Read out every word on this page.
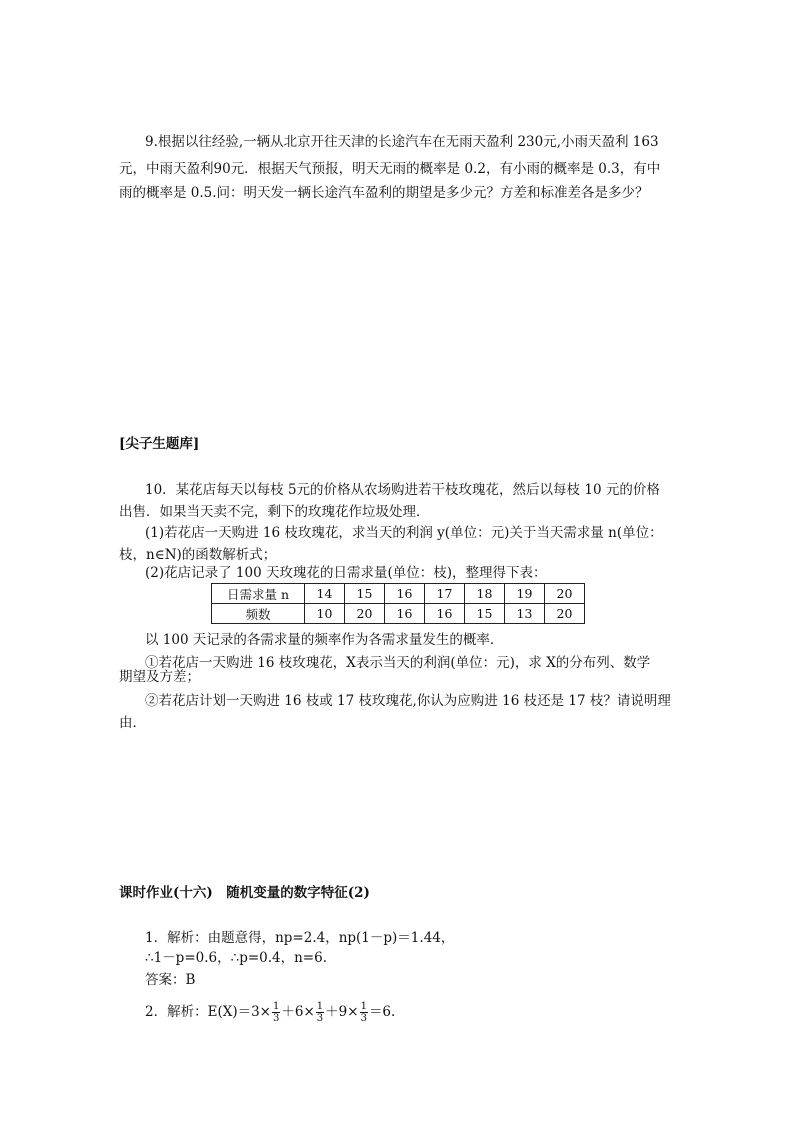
9.根据以往经验,一辆从北京开往天津的长途汽车在无雨天盈利 230元,小雨天盈利 163
元，中雨天盈利90元．根据天气预报，明天无雨的概率是 0.2，有小雨的概率是 0.3，有中
雨的概率是 0.5.问：明天发一辆长途汽车盈利的期望是多少元？方差和标准差各是多少？
[尖子生题库]
10．某花店每天以每枝 5元的价格从农场购进若干枝玫瑰花，然后以每枝 10 元的价格
出售．如果当天卖不完，剩下的玫瑰花作垃圾处理．
(1)若花店一天购进 16 枝玫瑰花，求当天的利润 y(单位：元)关于当天需求量 n(单位：
枝，n∈N)的函数解析式；
(2)花店记录了 100 天玫瑰花的日需求量(单位：枝)，整理得下表：
日需求量 n	14	15	16	17	18	19	20
频数	10	20	16	16	15	13	20
以 100 天记录的各需求量的频率作为各需求量发生的概率．
①若花店一天购进 16 枝玫瑰花，X表示当天的利润(单位：元)，求 X的分布列、数学
期望及方差；
②若花店计划一天购进 16 枝或 17 枝玫瑰花,你认为应购进 16 枝还是 17 枝？请说明理
由．
课时作业(十六)　随机变量的数字特征(2)
1．解析：由题意得，np=2.4，np(1－p)＝1.44，
∴1－p=0.6，∴p=0.4，n=6.
答案：B
2．解析：$E(X)=3\times \frac{1}{3} +6\times \frac{1}{3} +9\times \frac{1}{3} =6$.
